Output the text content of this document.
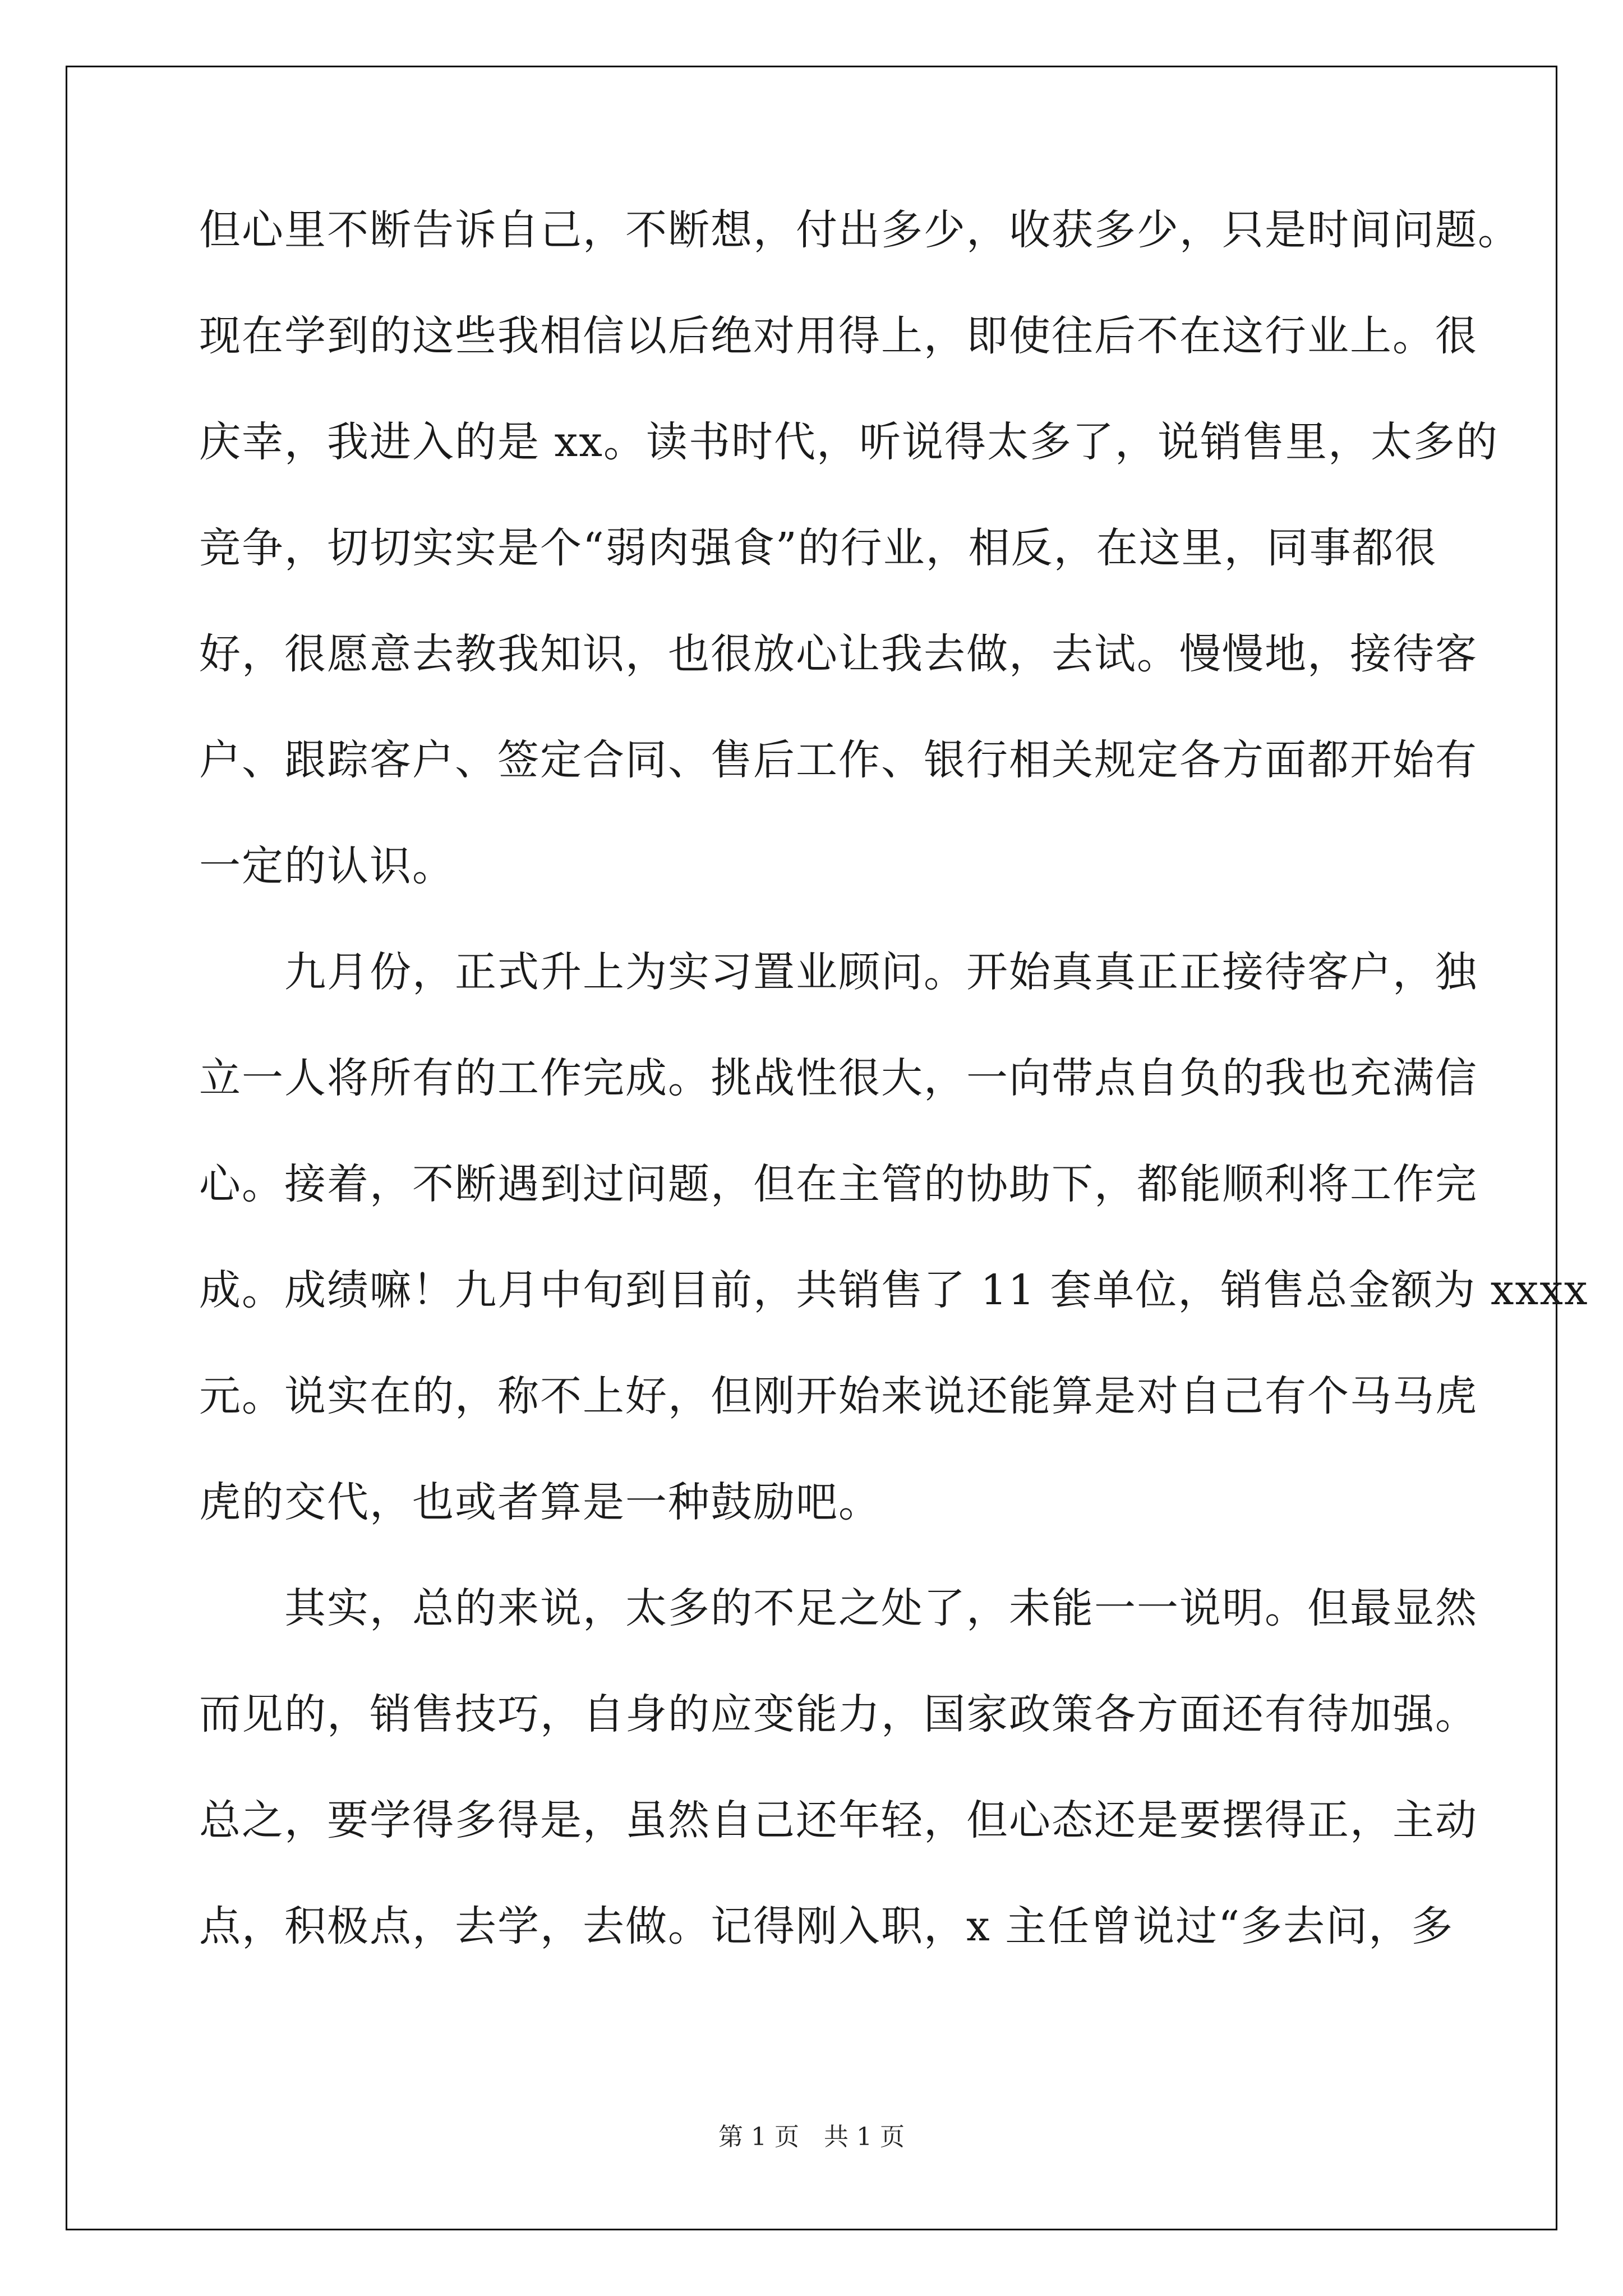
但心里不断告诉自己，不断想，付出多少，收获多少，只是时间问题。
现在学到的这些我相信以后绝对用得上，即使往后不在这行业上。很
庆幸，我进入的是 xx。读书时代，听说得太多了，说销售里，太多的
竞争，切切实实是个“弱肉强食”的行业，相反，在这里，同事都很
好，很愿意去教我知识，也很放心让我去做，去试。慢慢地，接待客
户、跟踪客户、签定合同、售后工作、银行相关规定各方面都开始有
一定的认识。
　　九月份，正式升上为实习置业顾问。开始真真正正接待客户，独
立一人将所有的工作完成。挑战性很大，一向带点自负的我也充满信
心。接着，不断遇到过问题，但在主管的协助下，都能顺利将工作完
成。成绩嘛！九月中旬到目前，共销售了 11 套单位，销售总金额为 xxxx
元。说实在的，称不上好，但刚开始来说还能算是对自己有个马马虎
虎的交代，也或者算是一种鼓励吧。
　　其实，总的来说，太多的不足之处了，未能一一说明。但最显然
而见的，销售技巧，自身的应变能力，国家政策各方面还有待加强。
总之，要学得多得是，虽然自己还年轻，但心态还是要摆得正，主动
点，积极点，去学，去做。记得刚入职，x 主任曾说过“多去问，多
第 1 页　共 1 页
